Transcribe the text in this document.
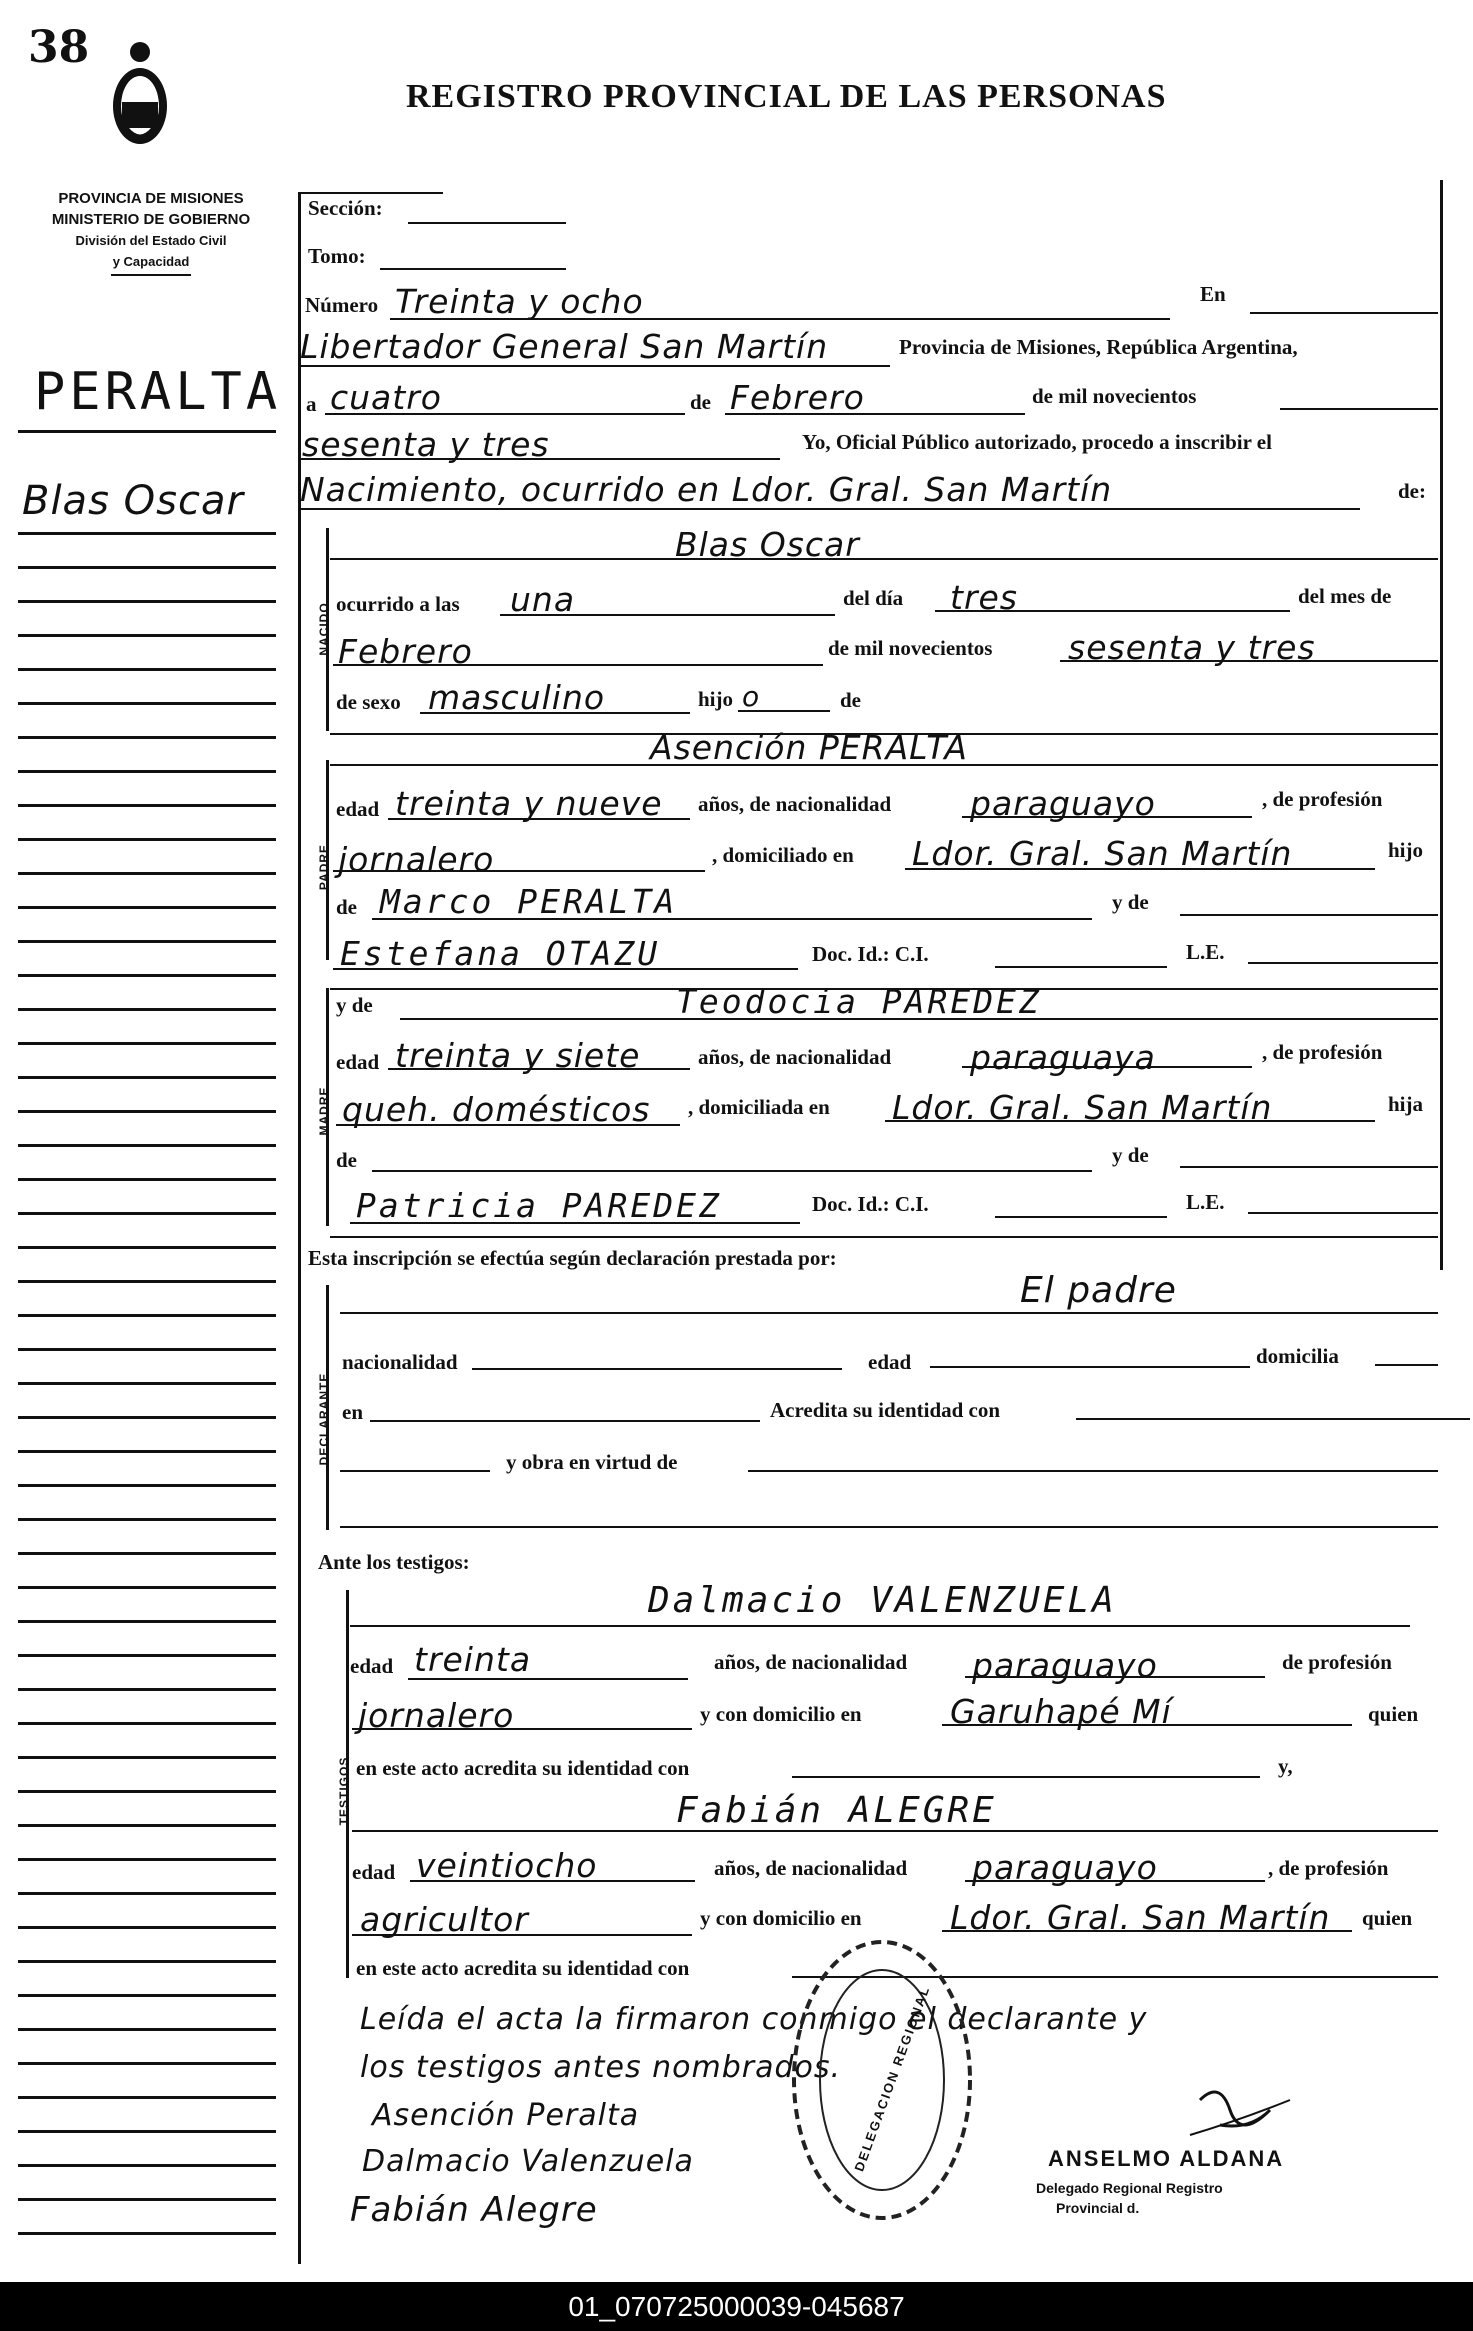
38
REGISTRO PROVINCIAL DE LAS PERSONAS
PROVINCIA DE MISIONES
MINISTERIO DE GOBIERNO
División del Estado Civil
y Capacidad
PERALTA
Blas Oscar
Sección:
Tomo:
Número Treinta y ocho	En
Libertador General San Martín	Provincia de Misiones, República Argentina,
a cuatro	de Febrero	de mil novecientos
sesenta y tres	Yo, Oficial Público autorizado, procedo a inscribir el
Nacimiento, ocurrido en Ldor. Gral. San Martín	de:
NACIDO
Blas Oscar
ocurrido a las una	del día tres	del mes de
Febrero	de mil novecientos sesenta y tres
de sexo masculino	hijo o	de
PADRE
Asención PERALTA
edad treinta y nueve años, de nacionalidad paraguayo	, de profesión
jornalero	, domiciliado en Ldor. Gral. San Martín	hijo
de Marco PERALTA	y de
Estefana OTAZU	Doc. Id.: C.I.	L.E.
MADRE
y de	Teodocia PAREDEZ
edad treinta y siete	años, de nacionalidad paraguaya	, de profesión
queh. domésticos , domiciliada en Ldor. Gral. San Martín	hija
de	y de
Patricia PAREDEZ	Doc. Id.: C.I.	L.E.
Esta inscripción se efectúa según declaración prestada por:
DECLARANTE
El padre
nacionalidad	edad	domicilia
en	Acredita su identidad con
y obra en virtud de
Ante los testigos:
TESTIGOS
Dalmacio VALENZUELA
edad treinta	años, de nacionalidad paraguayo	de profesión
jornalero	y con domicilio en	Garuhapé Mí	quien
en este acto acredita su identidad con	y,
Fabián ALEGRE
edad veintiocho	años, de nacionalidad paraguayo	, de profesión
agricultor	y con domicilio en	Ldor. Gral. San Martín quien
en este acto acredita su identidad con
Leída el acta la firmaron conmigo el declarante y
los testigos antes nombrados.
Asención Peralta
Dalmacio Valenzuela
Fabián Alegre
DELEGACION REGIONAL	ANSELMO ALDANA
Delegado Regional Registro
Provincial d.
01_070725000039-045687
